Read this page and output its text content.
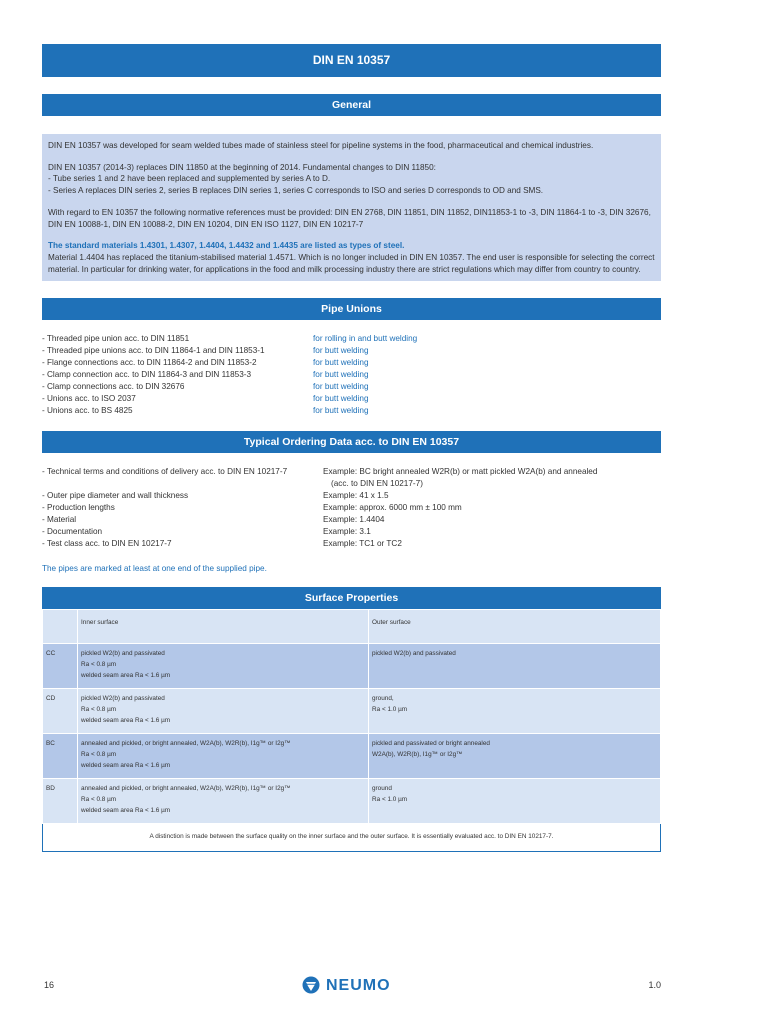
DIN EN 10357
General

DIN EN 10357 was developed for seam welded tubes made of stainless steel for pipeline systems in the food, pharmaceutical and chemical industries.

DIN EN 10357 (2014-3) replaces DIN 11850 at the beginning of 2014. Fundamental changes to DIN 11850:
- Tube series 1 and 2 have been replaced and supplemented by series A to D.
- Series A replaces DIN series 2, series B replaces DIN series 1, series C corresponds to ISO and series D corresponds to OD and SMS.

With regard to EN 10357 the following normative references must be provided: DIN EN 2768, DIN 11851, DIN 11852, DIN11853-1 to -3, DIN 11864-1 to -3, DIN 32676, DIN EN 10088-1, DIN EN 10088-2, DIN EN 10204, DIN EN ISO 1127, DIN EN 10217-7

The standard materials 1.4301, 1.4307, 1.4404, 1.4432 and 1.4435 are listed as types of steel.
Material 1.4404 has replaced the titanium-stabilised material 1.4571. Which is no longer included in DIN EN 10357. The end user is responsible for selecting the correct material. In particular for drinking water, for applications in the food and milk processing industry there are strict regulations which may differ from country to country.

Pipe Unions
- Threaded pipe union acc. to DIN 11851	for rolling in and butt welding
- Threaded pipe unions acc. to DIN 11864-1 and DIN 11853-1	for butt welding
- Flange connections acc. to DIN 11864-2 and DIN 11853-2	for butt welding
- Clamp connection acc. to DIN 11864-3 and DIN 11853-3	for butt welding
- Clamp connections acc. to DIN 32676	for butt welding
- Unions acc. to ISO 2037	for butt welding
- Unions acc. to BS 4825	for butt welding
Typical Ordering Data acc. to DIN EN 10357
- Technical terms and conditions of delivery acc. to DIN EN 10217-7	Example: BC bright annealed W2R(b) or matt pickled W2A(b) and annealed
(acc. to DIN EN 10217-7)
- Outer pipe diameter and wall thickness	Example: 41 x 1.5
- Production lengths	Example: approx. 6000 mm ± 100 mm
- Material	Example: 1.4404
- Documentation	Example: 3.1
- Test class acc. to DIN EN 10217-7	Example: TC1 or TC2
The pipes are marked at least at one end of the supplied pipe.
Surface Properties
	Inner surface	Outer surface
CC	pickled W2(b) and passivated
Ra < 0.8 µm
welded seam area Ra < 1.6 µm	pickled W2(b) and passivated
CD	pickled W2(b) and passivated
Ra < 0.8 µm
welded seam area Ra < 1.6 µm	ground,
Ra < 1.0 µm
BC	annealed and pickled, or bright annealed, W2A(b), W2R(b), I1g™ or I2g™
Ra < 0.8 µm
welded seam area Ra < 1.6 µm	pickled and passivated or bright annealed
W2A(b), W2R(b), I1g™ or I2g™
BD	annealed and pickled, or bright annealed, W2A(b), W2R(b), I1g™ or I2g™
Ra < 0.8 µm
welded seam area Ra < 1.6 µm	ground
Ra < 1.0 µm
A distinction is made between the surface quality on the inner surface and the outer surface. It is essentially evaluated acc. to DIN EN 10217-7.		
16	NEUMO	1.0
